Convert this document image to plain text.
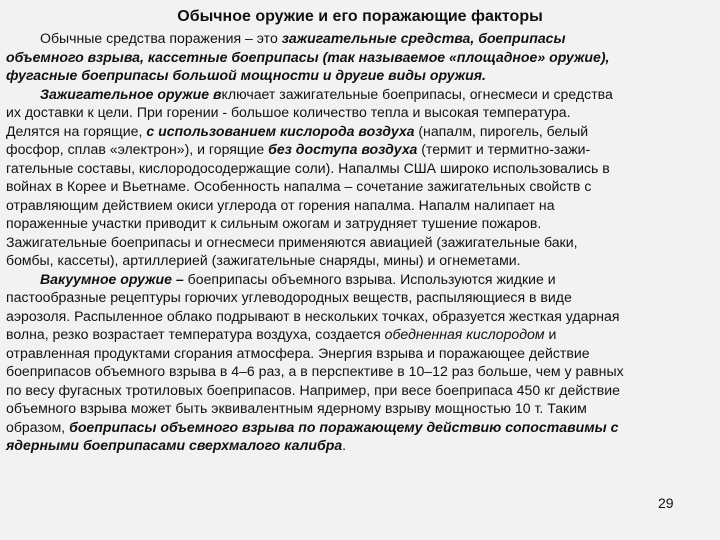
Обычное оружие и его поражающие факторы
Обычные средства поражения – это зажигательные средства, боеприпасы
объемного взрыва, кассетные боеприпасы (так называемое «площадное» оружие),
фугасные боеприпасы большой мощности и другие виды оружия.
Зажигательное оружие включает зажигательные боеприпасы, огнесмеси и средства
их доставки к цели. При горении - большое количество тепла и высокая температура.
Делятся на горящие, с использованием кислорода воздуха (напалм, пирогель, белый
фосфор, сплав «электрон»), и горящие без доступа воздуха (термит и термитно-зажи-
гательные составы, кислородосодержащие соли). Напалмы США широко использовались в
войнах в Корее и Вьетнаме. Особенность напалма – сочетание зажигательных свойств с
отравляющим действием окиси углерода от горения напалма. Напалм налипает на
пораженные участки приводит к сильным ожогам и затрудняет тушение пожаров.
Зажигательные боеприпасы и огнесмеси применяются авиацией (зажигательные баки,
бомбы, кассеты), артиллерией (зажигательные снаряды, мины) и огнеметами.
Вакуумное оружие – боеприпасы объемного взрыва. Используются жидкие и
пастообразные рецептуры горючих углеводородных веществ, распыляющиеся в виде
аэрозоля. Распыленное облако подрывают в нескольких точках, образуется жесткая ударная
волна, резко возрастает температура воздуха, создается обедненная кислородом и
отравленная продуктами сгорания атмосфера. Энергия взрыва и поражающее действие
боеприпасов объемного взрыва в 4–6 раз, а в перспективе в 10–12 раз больше, чем у равных
по весу фугасных тротиловых боеприпасов. Например, при весе боеприпаса 450 кг действие
объемного взрыва может быть эквивалентным ядерному взрыву мощностью 10 т. Таким
образом, боеприпасы объемного взрыва по поражающему действию сопоставимы с
ядерными боеприпасами сверхмалого калибра.
29
